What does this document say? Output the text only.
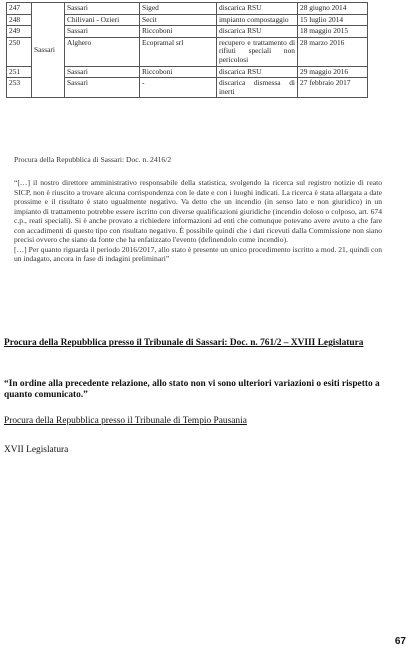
247	Sassari	Sassari	Siged	discarica RSU	28 giugno 2014
248		Chilivani - Ozieri	Secit	impianto compostaggio	15 luglio 2014
249		Sassari	Riccoboni	discarica RSU	18 maggio 2015
250		Alghero	Ecopramal srl	recupero e trattamento di rifiuti speciali non pericolosi	28 marzo 2016
251		Sassari	Riccoboni	discarica RSU	29 maggio 2016
253		Sassari	-	discarica dismessa di inerti	27 febbraio 2017
Procura della Repubblica di Sassari: Doc. n. 2416/2

“[…] il nostro direttore amministrativo responsabile della statistica, svolgendo la ricerca sul registro notizie di reato SICP, non è riuscito a trovare alcuna corrispondenza con le date e con i luoghi indicati. La ricerca è stata allargata a date prossime e il risultato è stato ugualmente negativo. Va detto che un incendio (in senso lato e non giuridico) in un impianto di trattamento potrebbe essere iscritto con diverse qualificazioni giuridiche (incendio doloso o colposo, art. 674 c.p., reati speciali). Si è anche provato a richiedere informazioni ad enti che comunque potevano avere avuto a che fare con accadimenti di questo tipo con risultato negativo. È possibile quindi che i dati ricevuti dalla Commissione non siano precisi ovvero che siano da fonte che ha enfatizzato l'evento (definendolo come incendio).

[…] Per quanto riguarda il periodo 2016/2017, allo stato è presente un unico procedimento iscritto a mod. 21, quindi con un indagato, ancora in fase di indagini preliminari”

Procura della Repubblica presso il Tribunale di Sassari: Doc. n. 761/2 – XVIII Legislatura
“In ordine alla precedente relazione, allo stato non vi sono ulteriori variazioni o esiti rispetto a quanto comunicato.”
Procura della Repubblica presso il Tribunale di Tempio Pausania
XVII Legislatura
67
